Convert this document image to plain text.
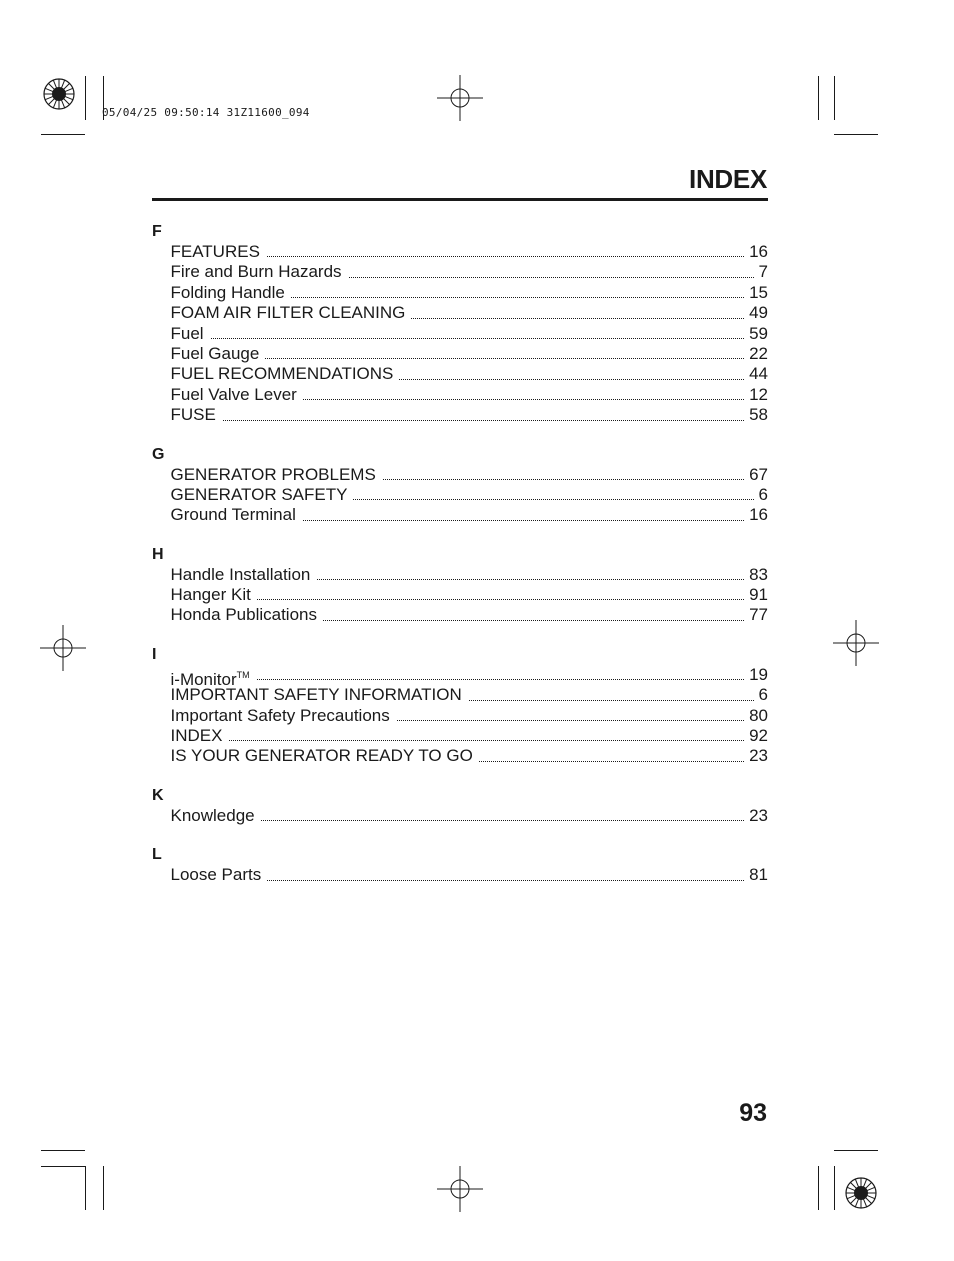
05/04/25 09:50:14 31Z11600_094
INDEX
F
FEATURES	16
Fire and Burn Hazards	7
Folding Handle	15
FOAM AIR FILTER CLEANING	49
Fuel	59
Fuel Gauge	22
FUEL RECOMMENDATIONS	44
Fuel Valve Lever	12
FUSE	58
G
GENERATOR PROBLEMS	67
GENERATOR SAFETY	6
Ground Terminal	16
H
Handle Installation	83
Hanger Kit	91
Honda Publications	77
I
i-Monitor™	19
IMPORTANT SAFETY INFORMATION	6
Important Safety Precautions	80
INDEX	92
IS YOUR GENERATOR READY TO GO	23
K
Knowledge	23
L
Loose Parts	81
93
